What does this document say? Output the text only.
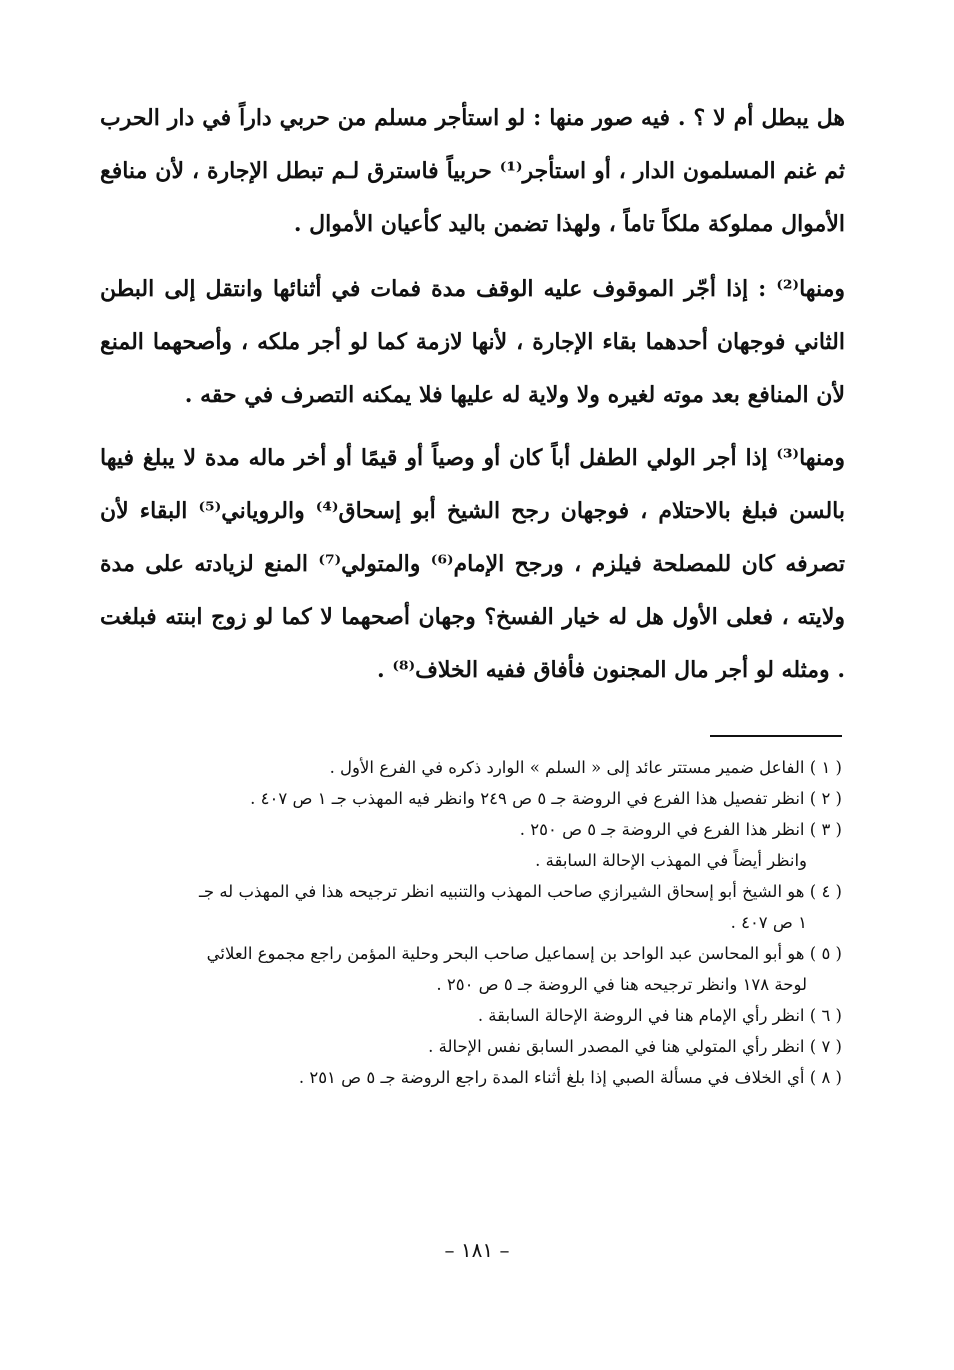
هل يبطل أم لا ؟ . فيه صور منها : لو استأجر مسلم من حربي داراً في دار الحرب ثم غنم المسلمون الدار ، أو استأجر⁽¹⁾ حربياً فاسترق لـم تبطل الإجارة ، لأن منافع الأموال مملوكة ملكاً تاماً ، ولهذا تضمن باليد كأعيان الأموال .

ومنها⁽²⁾ : إذا أجّر الموقوف عليه الوقف مدة فمات في أثنائها وانتقل إلى البطن الثاني فوجهان أحدهما بقاء الإجارة ، لأنها لازمة كما لو أجر ملكه ، وأصحهما المنع لأن المنافع بعد موته لغيره ولا ولاية له عليها فلا يمكنه التصرف في حقه .

ومنها⁽³⁾ إذا أجر الولي الطفل أباً كان أو وصياً أو قيمًا أو أخر ماله مدة لا يبلغ فيها بالسن فبلغ بالاحتلام ، فوجهان رجح الشيخ أبو إسحاق⁽⁴⁾ والروياني⁽⁵⁾ البقاء لأن تصرفه كان للمصلحة فيلزم ، ورجح الإمام⁽⁶⁾ والمتولي⁽⁷⁾ المنع لزيادته على مدة ولايته ، فعلى الأول هل له خيار الفسخ؟ وجهان أصحهما لا كما لو زوج ابنته فبلغت . ومثله لو أجر مال المجنون فأفاق ففيه الخلاف⁽⁸⁾ .

( ١ ) الفاعل ضمير مستتر عائد إلى « السلم » الوارد ذكره في الفرع الأول .

( ٢ ) انظر تفصيل هذا الفرع في الروضة جـ ٥ ص ٢٤٩ وانظر فيه المهذب جـ ١ ص ٤٠٧ .

( ٣ ) انظر هذا الفرع في الروضة جـ ٥ ص ٢٥٠ .

وانظر أيضاً في المهذب الإحالة السابقة .

( ٤ ) هو الشيخ أبو إسحاق الشيرازي صاحب المهذب والتنبيه انظر ترجيحه هذا في المهذب له جـ
١ ص ٤٠٧ .

( ٥ ) هو أبو المحاسن عبد الواحد بن إسماعيل صاحب البحر وحلية المؤمن راجع مجموع العلائي
لوحة ١٧٨ وانظر ترجيحه هنا في الروضة جـ ٥ ص ٢٥٠ .

( ٦ ) انظر رأي الإمام هنا في الروضة الإحالة السابقة .

( ٧ ) انظر رأي المتولي هنا في المصدر السابق نفس الإحالة .

( ٨ ) أي الخلاف في مسألة الصبي إذا بلغ أثناء المدة راجع الروضة جـ ٥ ص ٢٥١ .

– ١٨١ –
